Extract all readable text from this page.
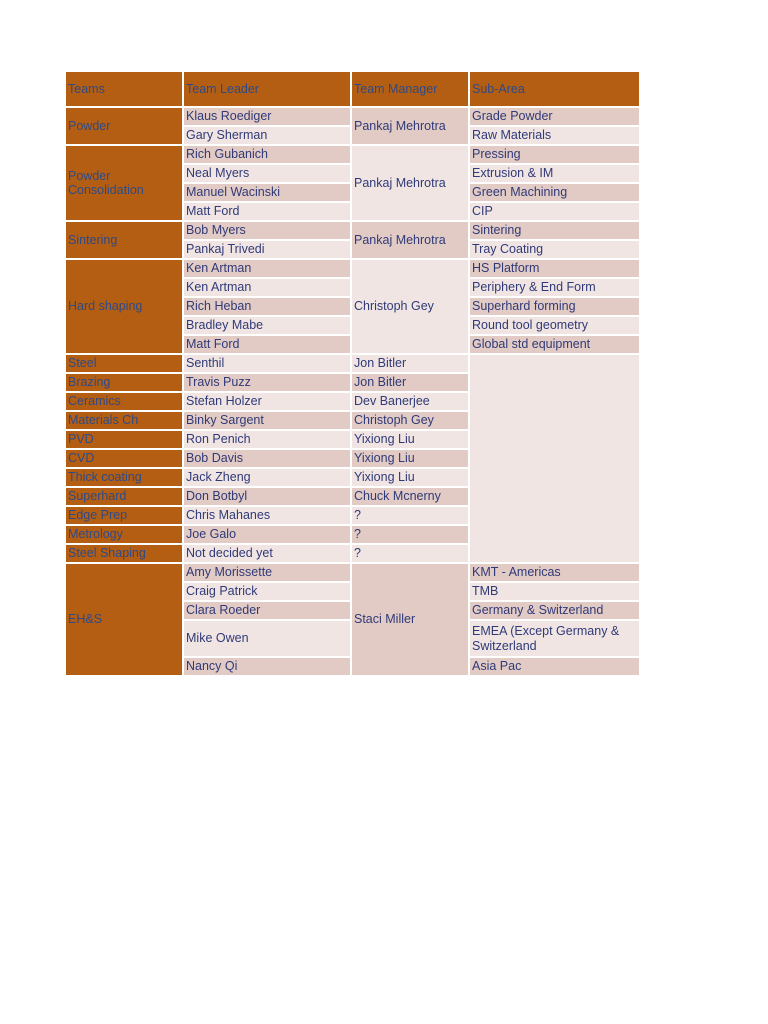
Teams	Team Leader	Team Manager	Sub-Area
Powder	Klaus Roediger	Pankaj Mehrotra	Grade Powder
	Gary Sherman		Raw Materials
Powder Consolidation	Rich Gubanich	Pankaj Mehrotra	Pressing
	Neal Myers		Extrusion & IM
	Manuel Wacinski		Green Machining
	Matt Ford		CIP
Sintering	Bob Myers	Pankaj Mehrotra	Sintering
	Pankaj Trivedi		Tray Coating
Hard shaping	Ken Artman	Christoph Gey	HS Platform
	Ken Artman		Periphery & End Form
	Rich Heban		Superhard forming
	Bradley Mabe		Round tool geometry
	Matt Ford		Global std equipment
Steel	Senthil	Jon Bitler	
Brazing	Travis Puzz	Jon Bitler	
Ceramics	Stefan Holzer	Dev Banerjee	
Materials Ch	Binky Sargent	Christoph Gey	
PVD	Ron Penich	Yixiong Liu	
CVD	Bob Davis	Yixiong Liu	
Thick coating	Jack Zheng	Yixiong Liu	
Superhard	Don Botbyl	Chuck Mcnerny	
Edge Prep	Chris Mahanes	?	
Metrology	Joe Galo	?	
Steel Shaping	Not decided yet	?	
EH&S	Amy Morissette	Staci Miller	KMT - Americas
	Craig Patrick		TMB
	Clara Roeder		Germany & Switzerland
	Mike Owen		EMEA (Except Germany & Switzerland
	Nancy Qi		Asia Pac
